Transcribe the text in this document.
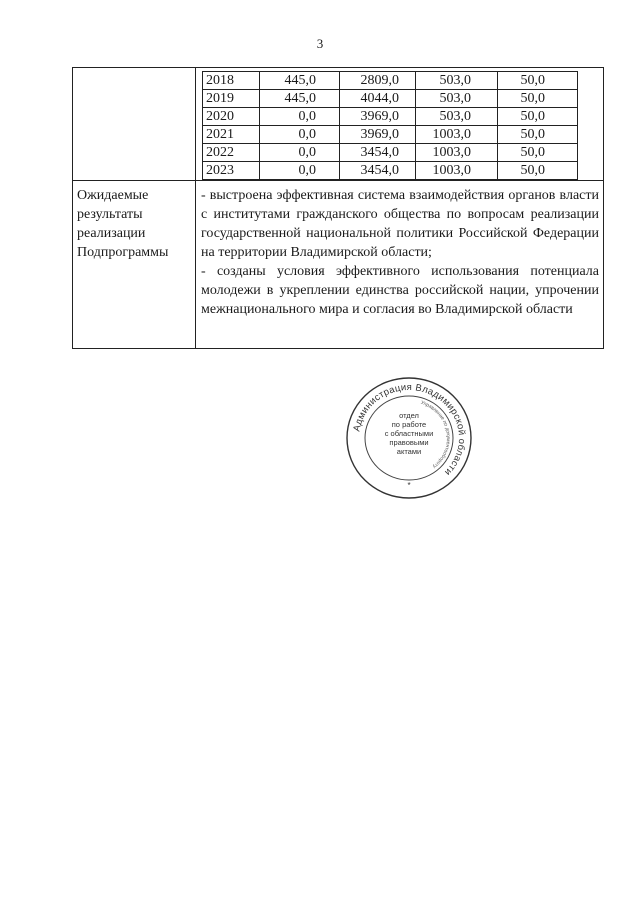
3
2018	445,0	2809,0	503,0	50,0
2019	445,0	4044,0	503,0	50,0
2020	0,0	3969,0	503,0	50,0
2021	0,0	3969,0	1003,0	50,0
2022	0,0	3454,0	1003,0	50,0
2023	0,0	3454,0	1003,0	50,0
Ожидаемые результаты реализации Подпрограммы

- выстроена эффективная система взаимодействия органов власти с институтами гражданского общества по вопросам реализации государственной национальной политики Российской Федерации на территории Владимирской области;

- созданы условия эффективного использования потенциала молодежи в укреплении единства российской нации, упрочении межнационального мира и согласия во Владимирской области

Администрация Владимирской области
Управление по документообороту
отдел
по работе
с областными
правовыми
актами
*
